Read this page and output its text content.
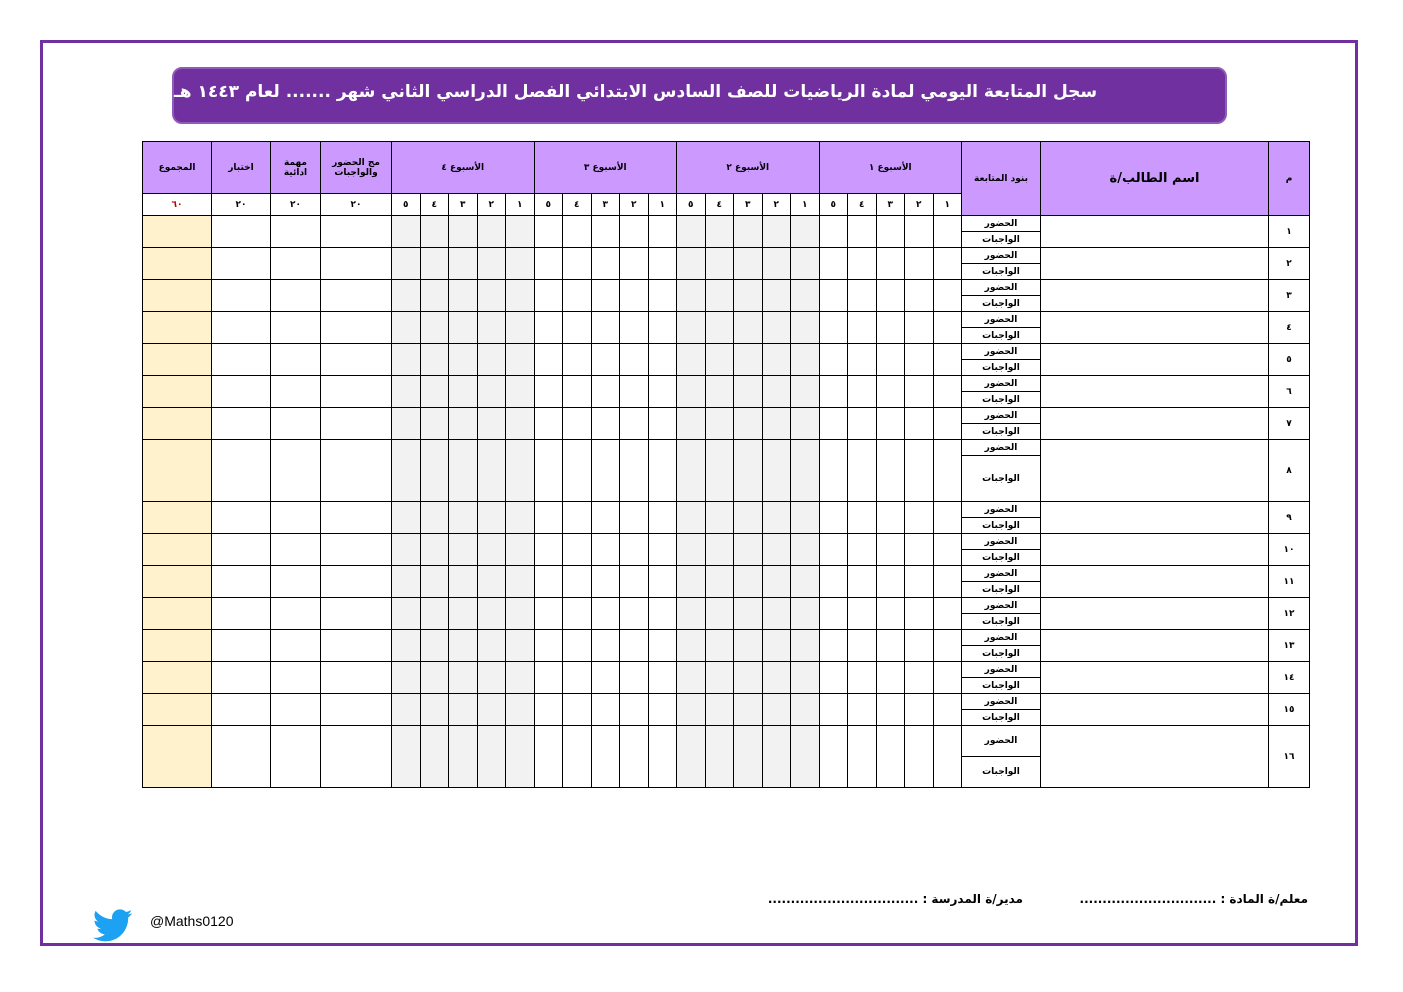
سجل المتابعة اليومي لمادة الرياضيات للصف السادس الابتدائي الفصل الدراسي الثاني شهر ....... لعام ١٤٤٣ هـ
م	اسم الطالب/ة	بنود المتابعة	الأسبوع ١					الأسبوع ٢					الأسبوع ٣					الأسبوع ٤					مج الحضور والواجبات	مهمة ادائية	اختبار	المجموع
			١	٢	٣	٤	٥	١	٢	٣	٤	٥	١	٢	٣	٤	٥	١	٢	٣	٤	٥	٢٠	٢٠	٢٠	٦٠
١		الحضور																								
		الواجبات																								
٢		الحضور																								
		الواجبات																								
٣		الحضور																								
		الواجبات																								
٤		الحضور																								
		الواجبات																								
٥		الحضور																								
		الواجبات																								
٦		الحضور																								
		الواجبات																								
٧		الحضور																								
		الواجبات																								
٨		الحضور																								
		الواجبات																								
٩		الحضور																								
		الواجبات																								
١٠		الحضور																								
		الواجبات																								
١١		الحضور																								
		الواجبات																								
١٢		الحضور																								
		الواجبات																								
١٣		الحضور																								
		الواجبات																								
١٤		الحضور																								
		الواجبات																								
١٥		الحضور																								
		الواجبات																								
١٦		الحضور																								
		الواجبات																								
معلم/ة المادة : ..............................
مدير/ة المدرسة : .................................
@Maths0120
